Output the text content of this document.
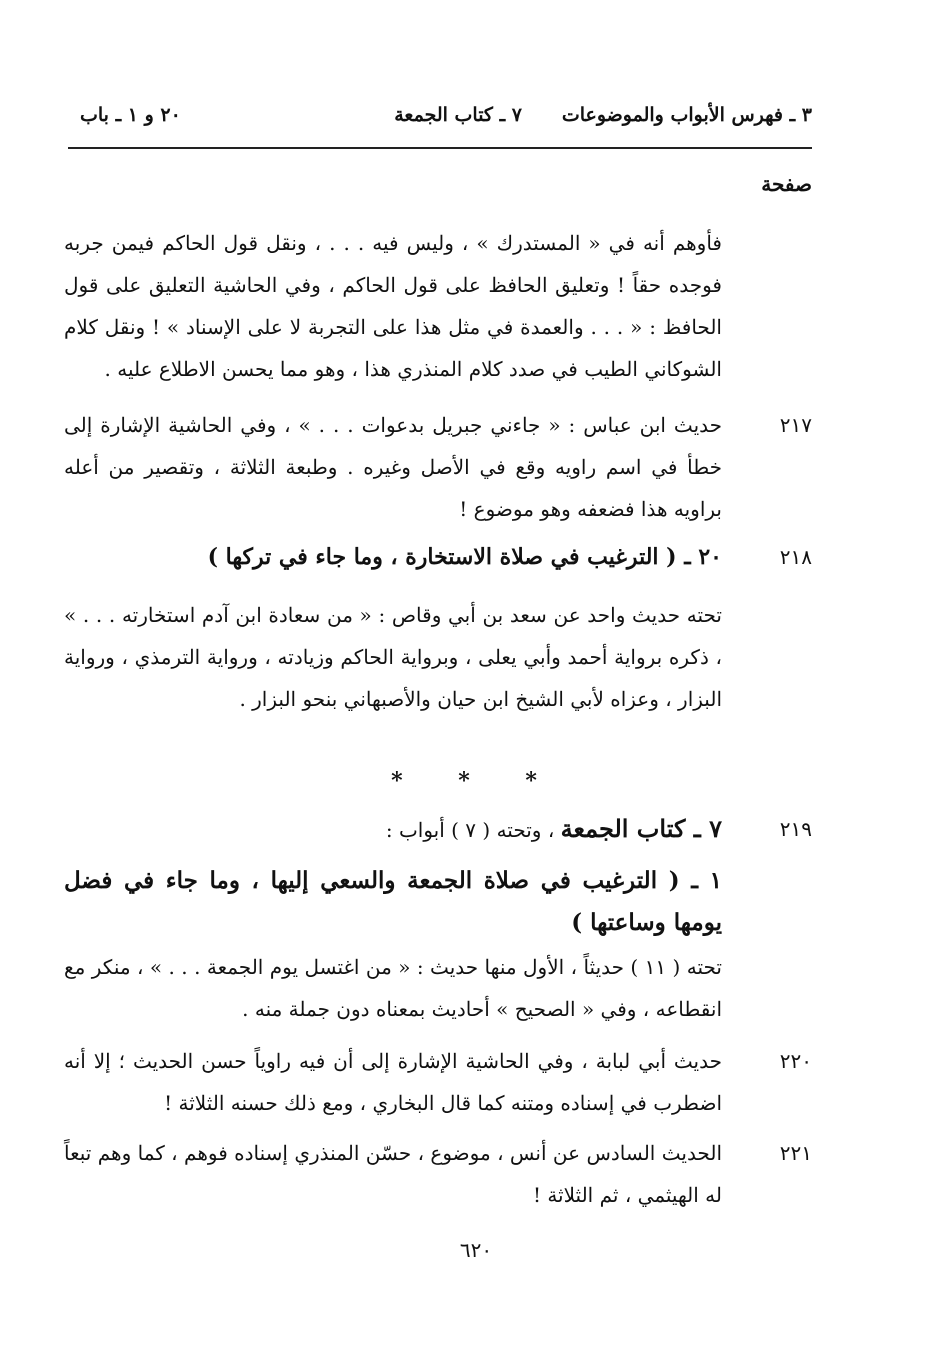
٣ ـ فهرس الأبواب والموضوعات
٧ ـ كتاب الجمعة
٢٠ و ١ ـ باب
صفحة
فأوهم أنه في « المستدرك » ، وليس فيه . . . ، ونقل قول الحاكم فيمن جربه فوجده حقاً ! وتعليق الحافظ على قول الحاكم ، وفي الحاشية التعليق على قول الحافظ : « . . . والعمدة في مثل هذا على التجربة لا على الإسناد » ! ونقل كلام الشوكاني الطيب في صدد كلام المنذري هذا ، وهو مما يحسن الاطلاع عليه .
٢١٧
حديث ابن عباس : « جاءني جبريل بدعوات . . . » ، وفي الحاشية الإشارة إلى خطأ في اسم راويه وقع في الأصل وغيره . وطبعة الثلاثة ، وتقصير من أعله براويه هذا فضعفه وهو موضوع !
٢١٨
٢٠ ـ ( الترغيب في صلاة الاستخارة ، وما جاء في تركها )
تحته حديث واحد عن سعد بن أبي وقاص : « من سعادة ابن آدم استخارته . . . » ، ذكره برواية أحمد وأبي يعلى ، وبرواية الحاكم وزيادته ، ورواية الترمذي ، ورواية البزار ، وعزاه لأبي الشيخ ابن حيان والأصبهاني بنحو البزار .
* * *
٢١٩
٧ ـ كتاب الجمعة ، وتحته ( ٧ ) أبواب :
١ ـ ( الترغيب في صلاة الجمعة والسعي إليها ، وما جاء في فضل يومها وساعتها )
تحته ( ١١ ) حديثاً ، الأول منها حديث : « من اغتسل يوم الجمعة . . . » ، منكر مع انقطاعه ، وفي « الصحيح » أحاديث بمعناه دون جملة منه .
٢٢٠
حديث أبي لبابة ، وفي الحاشية الإشارة إلى أن فيه راوياً حسن الحديث ؛ إلا أنه اضطرب في إسناده ومتنه كما قال البخاري ، ومع ذلك حسنه الثلاثة !
٢٢١
الحديث السادس عن أنس ، موضوع ، حسّن المنذري إسناده فوهم ، كما وهم تبعاً له الهيثمي ، ثم الثلاثة !
٦٢٠
